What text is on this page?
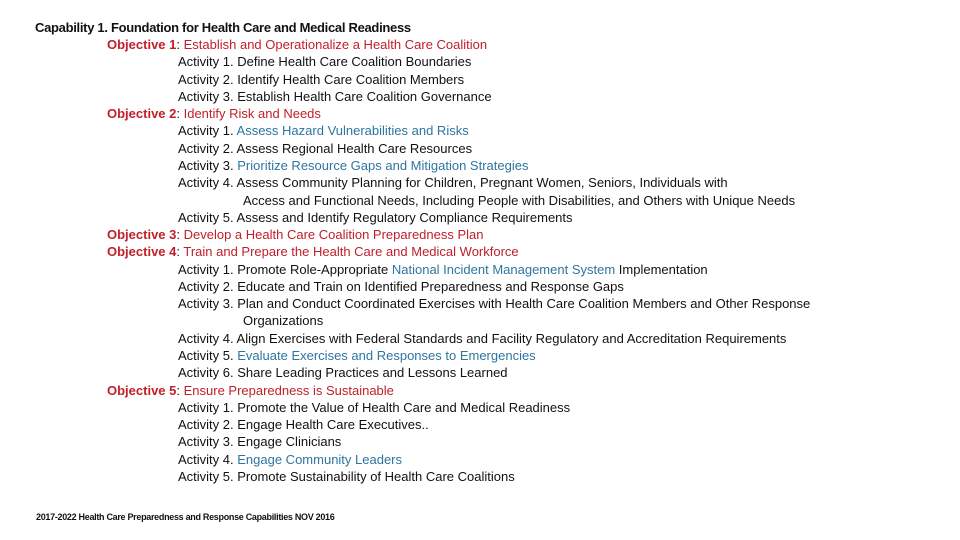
Capability 1. Foundation for Health Care and Medical Readiness
Objective 1: Establish and Operationalize a Health Care Coalition
Activity 1. Define Health Care Coalition Boundaries
Activity 2. Identify Health Care Coalition Members
Activity 3. Establish Health Care Coalition Governance
Objective 2: Identify Risk and Needs
Activity 1. Assess Hazard Vulnerabilities and Risks
Activity 2. Assess Regional Health Care Resources
Activity 3. Prioritize Resource Gaps and Mitigation Strategies
Activity 4. Assess Community Planning for Children, Pregnant Women, Seniors, Individuals with
Access and Functional Needs, Including People with Disabilities, and Others with Unique Needs
Activity 5. Assess and Identify Regulatory Compliance Requirements
Objective 3: Develop a Health Care Coalition Preparedness Plan
Objective 4: Train and Prepare the Health Care and Medical Workforce
Activity 1. Promote Role-Appropriate National Incident Management System Implementation
Activity 2. Educate and Train on Identified Preparedness and Response Gaps
Activity 3. Plan and Conduct Coordinated Exercises with Health Care Coalition Members and Other Response
Organizations
Activity 4. Align Exercises with Federal Standards and Facility Regulatory and Accreditation Requirements
Activity 5. Evaluate Exercises and Responses to Emergencies
Activity 6. Share Leading Practices and Lessons Learned
Objective 5: Ensure Preparedness is Sustainable
Activity 1. Promote the Value of Health Care and Medical Readiness
Activity 2. Engage Health Care Executives..
Activity 3. Engage Clinicians
Activity 4. Engage Community Leaders
Activity 5. Promote Sustainability of Health Care Coalitions
2017-2022 Health Care Preparedness and Response Capabilities NOV 2016
